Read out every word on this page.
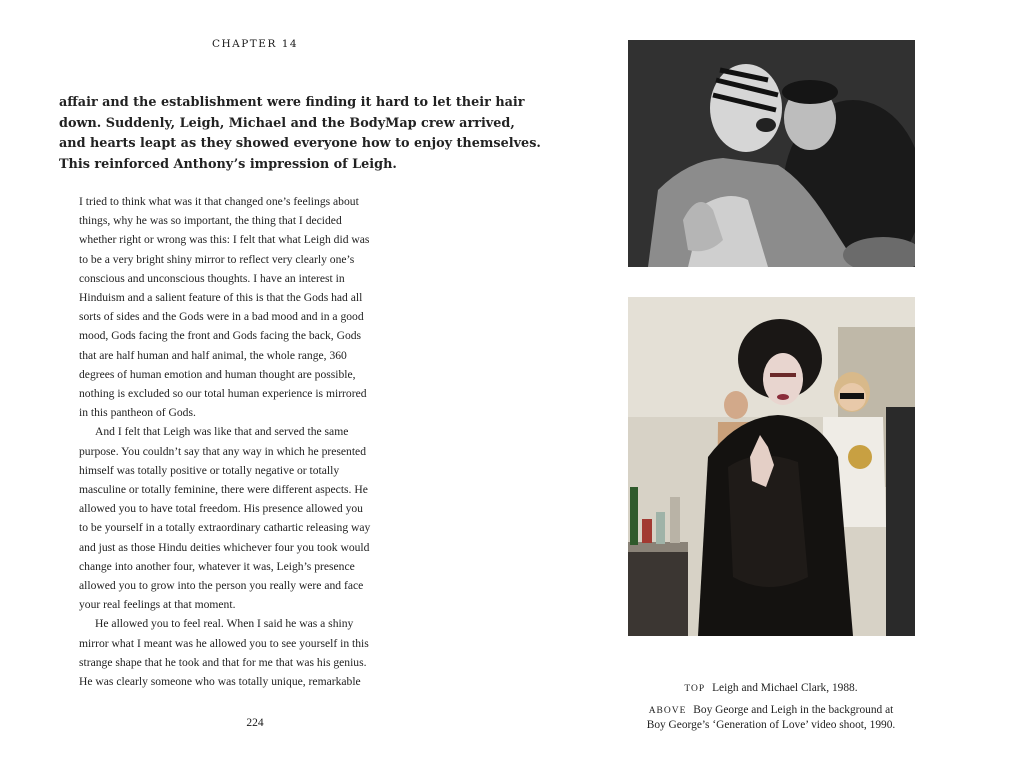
CHAPTER 14

affair and the establishment were finding it hard to let their hair

down. Suddenly, Leigh, Michael and the BodyMap crew arrived,

and hearts leapt as they showed everyone how to enjoy themselves.

This reinforced Anthony’s impression of Leigh.

I tried to think what was it that changed one’s feelings about

things, why he was so important, the thing that I decided

whether right or wrong was this: I felt that what Leigh did was

to be a very bright shiny mirror to reflect very clearly one’s

conscious and unconscious thoughts. I have an interest in

Hinduism and a salient feature of this is that the Gods had all

sorts of sides and the Gods were in a bad mood and in a good

mood, Gods facing the front and Gods facing the back, Gods

that are half human and half animal, the whole range, 360

degrees of human emotion and human thought are possible,

nothing is excluded so our total human experience is mirrored

in this pantheon of Gods.

And I felt that Leigh was like that and served the same

purpose. You couldn’t say that any way in which he presented

himself was totally positive or totally negative or totally

masculine or totally feminine, there were different aspects. He

allowed you to have total freedom. His presence allowed you

to be yourself in a totally extraordinary cathartic releasing way

and just as those Hindu deities whichever four you took would

change into another four, whatever it was, Leigh’s presence

allowed you to grow into the person you really were and face

your real feelings at that moment.

He allowed you to feel real. When I said he was a shiny

mirror what I meant was he allowed you to see yourself in this

strange shape that he took and that for me that was his genius.

He was clearly someone who was totally unique, remarkable

224
TOP Leigh and Michael Clark, 1988.
ABOVE Boy George and Leigh in the background at
Boy George’s ‘Generation of Love’ video shoot, 1990.
